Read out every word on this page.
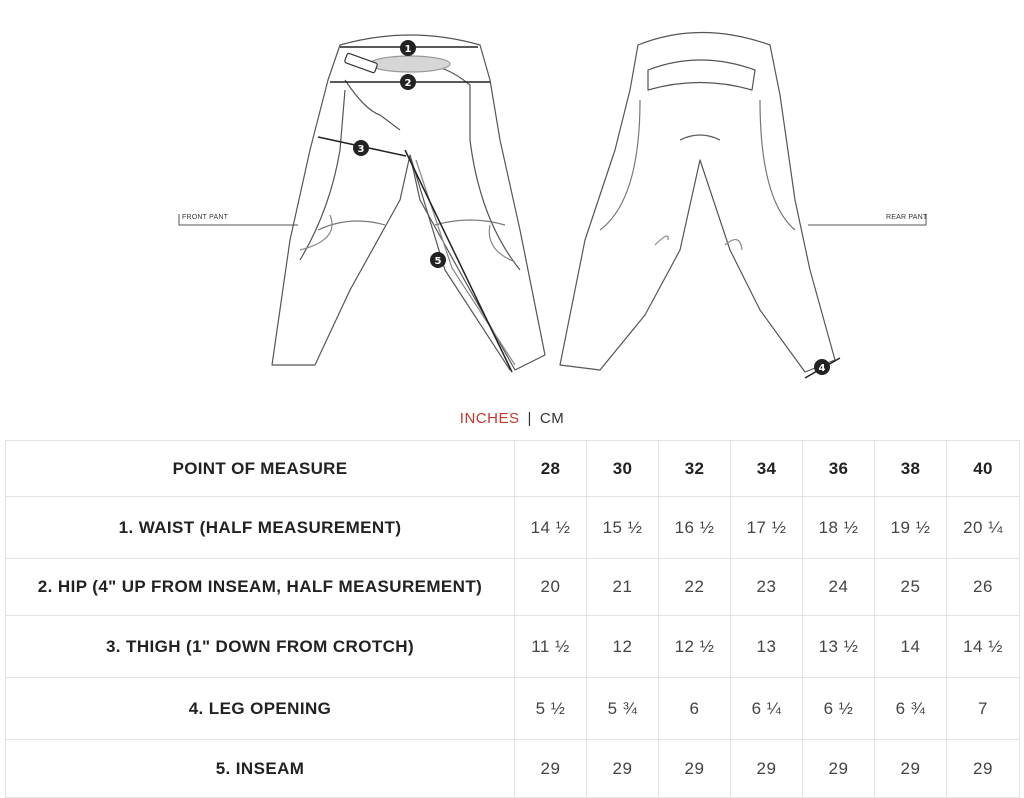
1
2
3
5
4
FRONT PANT	REAR PANT
INCHES | CM
POINT OF MEASURE	28	30	32	34	36	38	40
1. WAIST (HALF MEASUREMENT)	14 ½	15 ½	16 ½	17 ½	18 ½	19 ½	20 ¼
2. HIP (4" UP FROM INSEAM, HALF MEASUREMENT)	20	21	22	23	24	25	26
3. THIGH (1" DOWN FROM CROTCH)	11 ½	12	12 ½	13	13 ½	14	14 ½
4. LEG OPENING	5 ½	5 ¾	6	6 ¼	6 ½	6 ¾	7
5. INSEAM	29	29	29	29	29	29	29
